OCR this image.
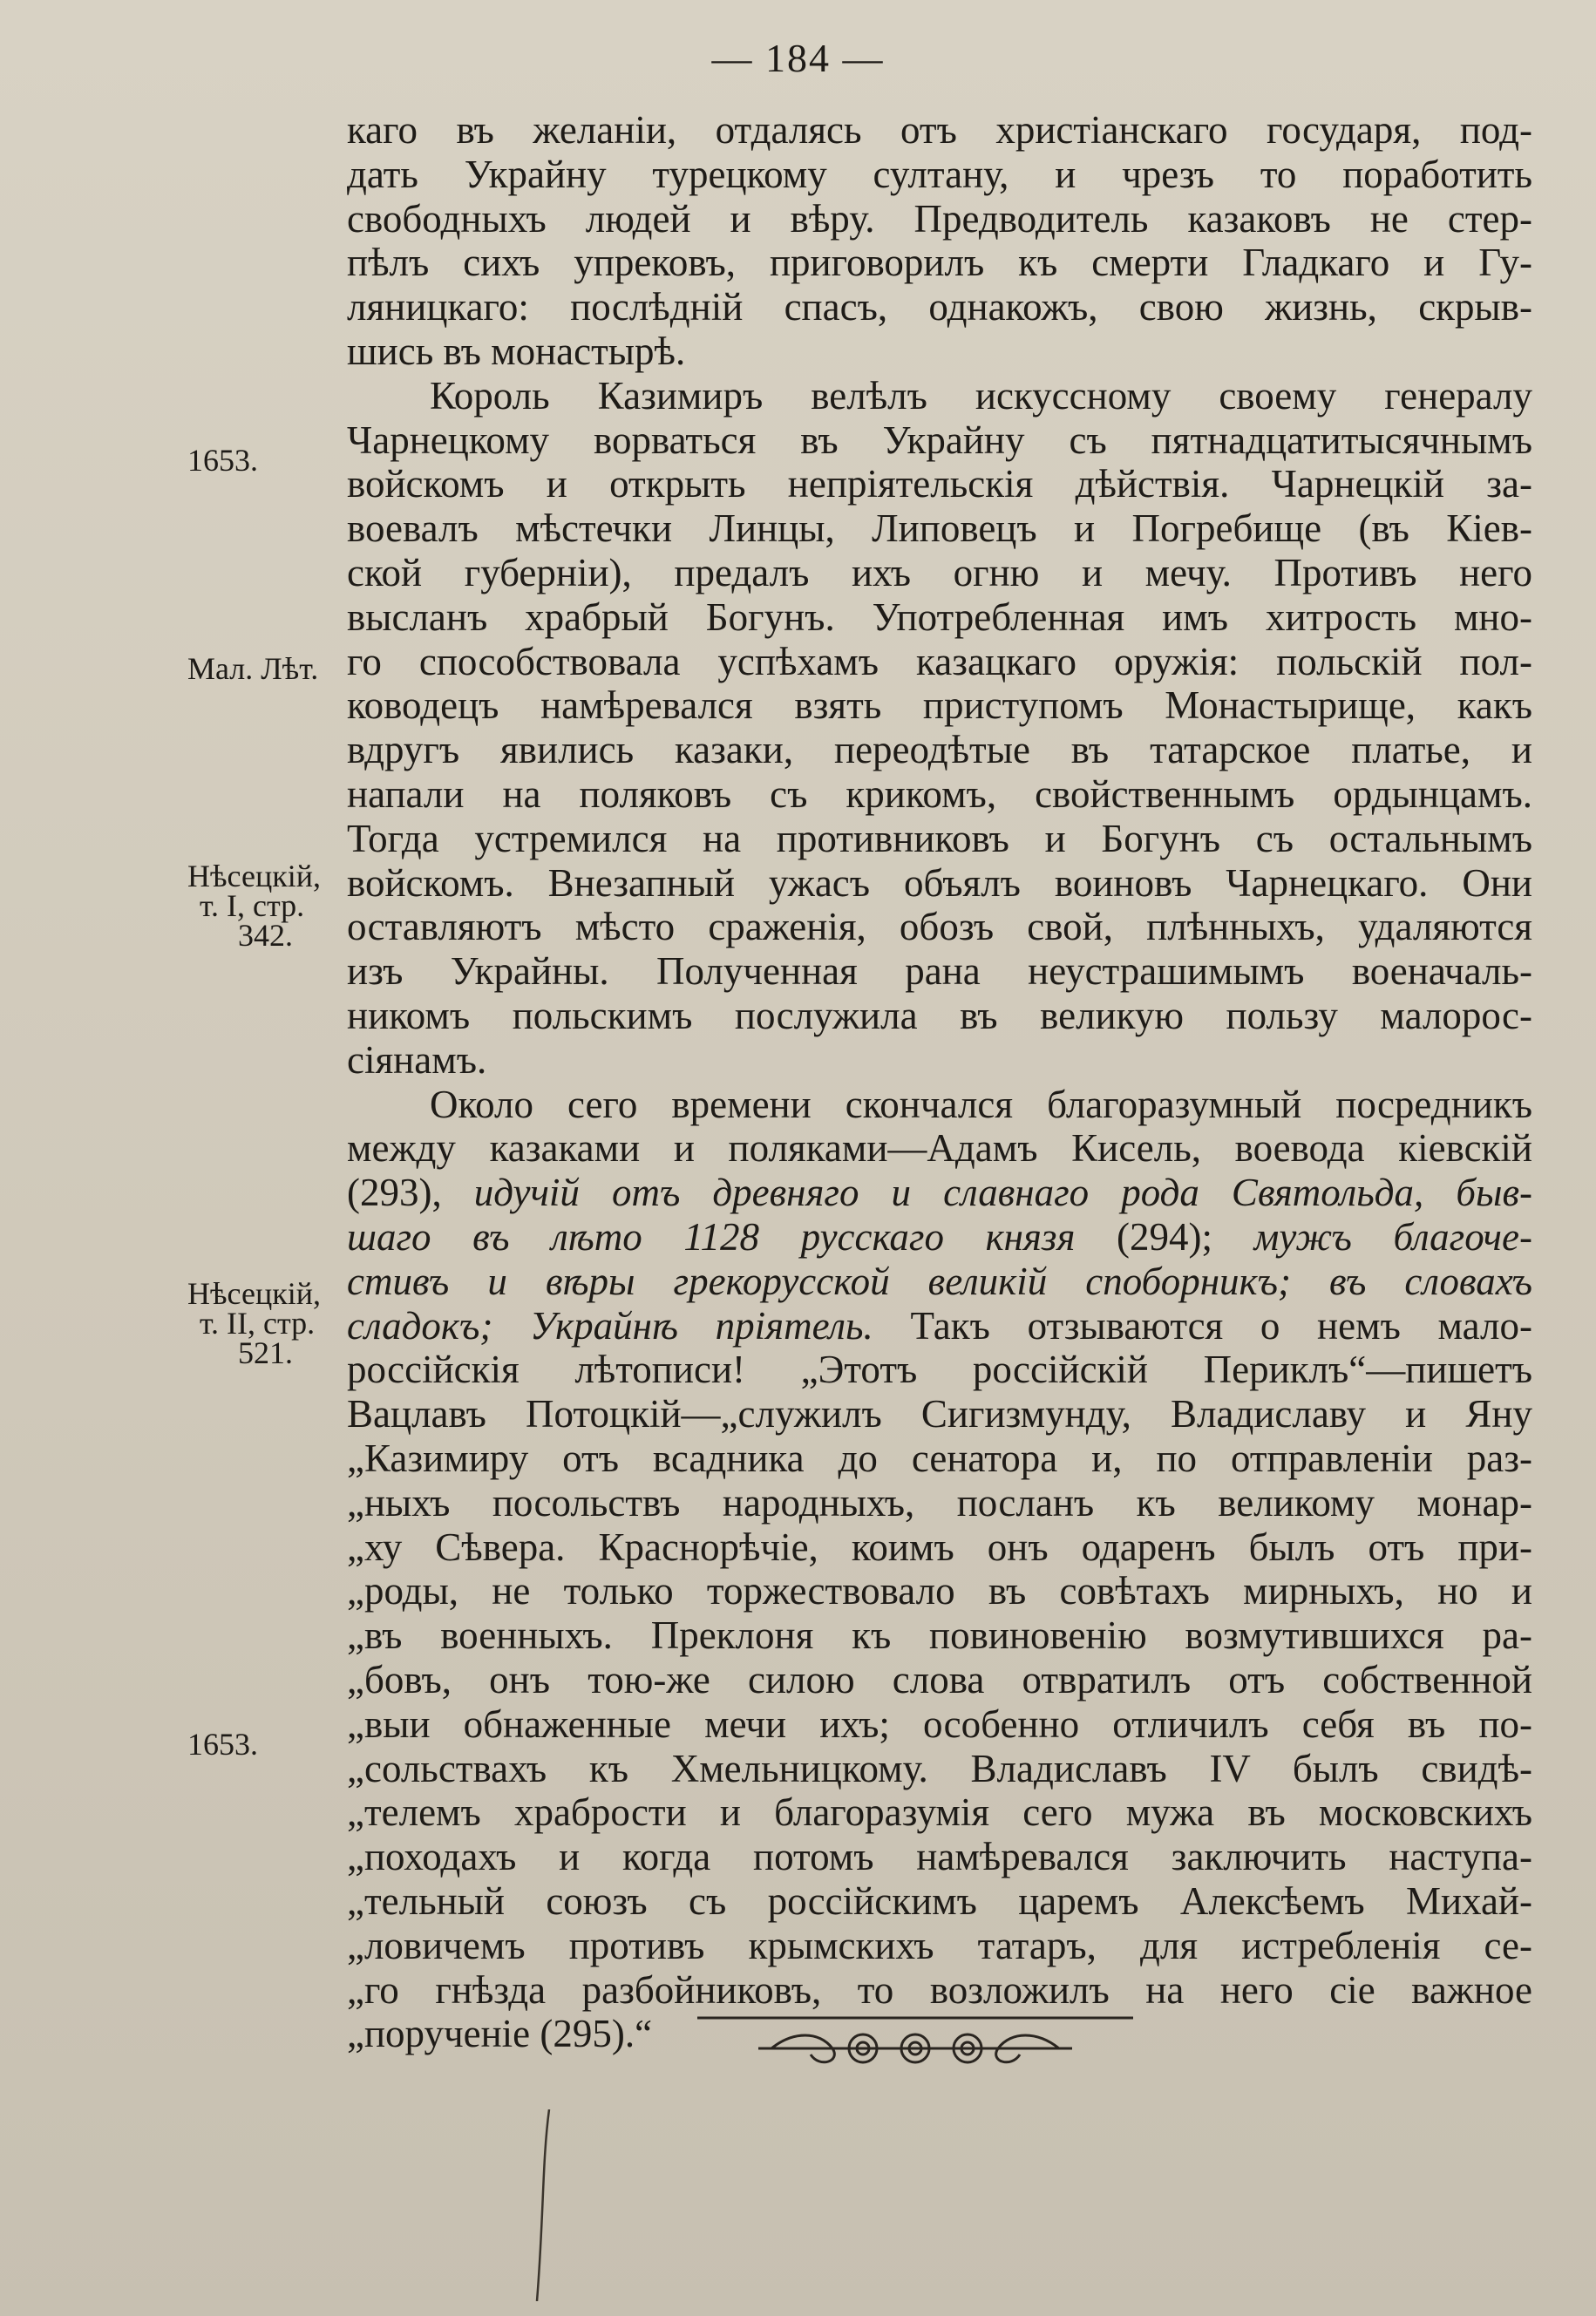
— 184 —
каго въ желаніи, отдалясь отъ христіанскаго государя, под-
дать Украйну турецкому султану, и чрезъ то поработить
свободныхъ людей и вѣру. Предводитель казаковъ не стер-
пѣлъ сихъ упрековъ, приговорилъ къ смерти Гладкаго и Гу-
ляницкаго: послѣдній спасъ, однакожъ, свою жизнь, скрыв-
шись въ монастырѣ.
Король Казимиръ велѣлъ искуссному своему генералу
Чарнецкому ворваться въ Украйну съ пятнадцатитысячнымъ
войскомъ и открыть непріятельскія дѣйствія. Чарнецкій за-
воевалъ мѣстечки Линцы, Липовецъ и Погребище (въ Кіев-
ской губерніи), предалъ ихъ огню и мечу. Противъ него
высланъ храбрый Богунъ. Употребленная имъ хитрость мно-
го способствовала успѣхамъ казацкаго оружія: польскій пол-
ководецъ намѣревался взять приступомъ Монастырище, какъ
вдругъ явились казаки, переодѣтые въ татарское платье, и
напали на поляковъ съ крикомъ, свойственнымъ ордынцамъ.
Тогда устремился на противниковъ и Богунъ съ остальнымъ
войскомъ. Внезапный ужасъ объялъ воиновъ Чарнецкаго. Они
оставляютъ мѣсто сраженія, обозъ свой, плѣнныхъ, удаляются
изъ Украйны. Полученная рана неустрашимымъ военачаль-
никомъ польскимъ послужила въ великую пользу малорос-
сіянамъ.
Около сего времени скончался благоразумный посредникъ
между казаками и поляками—Адамъ Кисель, воевода кіевскій
(293), идучій отъ древняго и славнаго рода Святольда, быв-
шаго въ лѣто 1128 русскаго князя (294); мужъ благоче-
стивъ и вѣры грекорусской великій споборникъ; въ словахъ
сладокъ; Украйнѣ пріятель. Такъ отзываются о немъ мало-
россійскія лѣтописи! „Этотъ россійскій Периклъ“—пишетъ
Вацлавъ Потоцкій—„служилъ Сигизмунду, Владиславу и Яну
„Казимиру отъ всадника до сенатора и, по отправленіи раз-
„ныхъ посольствъ народныхъ, посланъ къ великому монар-
„ху Сѣвера. Краснорѣчіе, коимъ онъ одаренъ былъ отъ при-
„роды, не только торжествовало въ совѣтахъ мирныхъ, но и
„въ военныхъ. Преклоня къ повиновенію возмутившихся ра-
„бовъ, онъ тою-же силою слова отвратилъ отъ собственной
„выи обнаженные мечи ихъ; особенно отличилъ себя въ по-
„сольствахъ къ Хмельницкому. Владиславъ IV былъ свидѣ-
„телемъ храбрости и благоразумія сего мужа въ московскихъ
„походахъ и когда потомъ намѣревался заключить наступа-
„тельный союзъ съ россійскимъ царемъ Алексѣемъ Михай-
„ловичемъ противъ крымскихъ татаръ, для истребленія се-
„го гнѣзда разбойниковъ, то возложилъ на него сіе важное
„порученіе (295).“
1653.
Мал. Лѣт.
Нѣсецкій,
т. I, стр.
342.
Нѣсецкій,
т. II, стр.
521.
1653.
